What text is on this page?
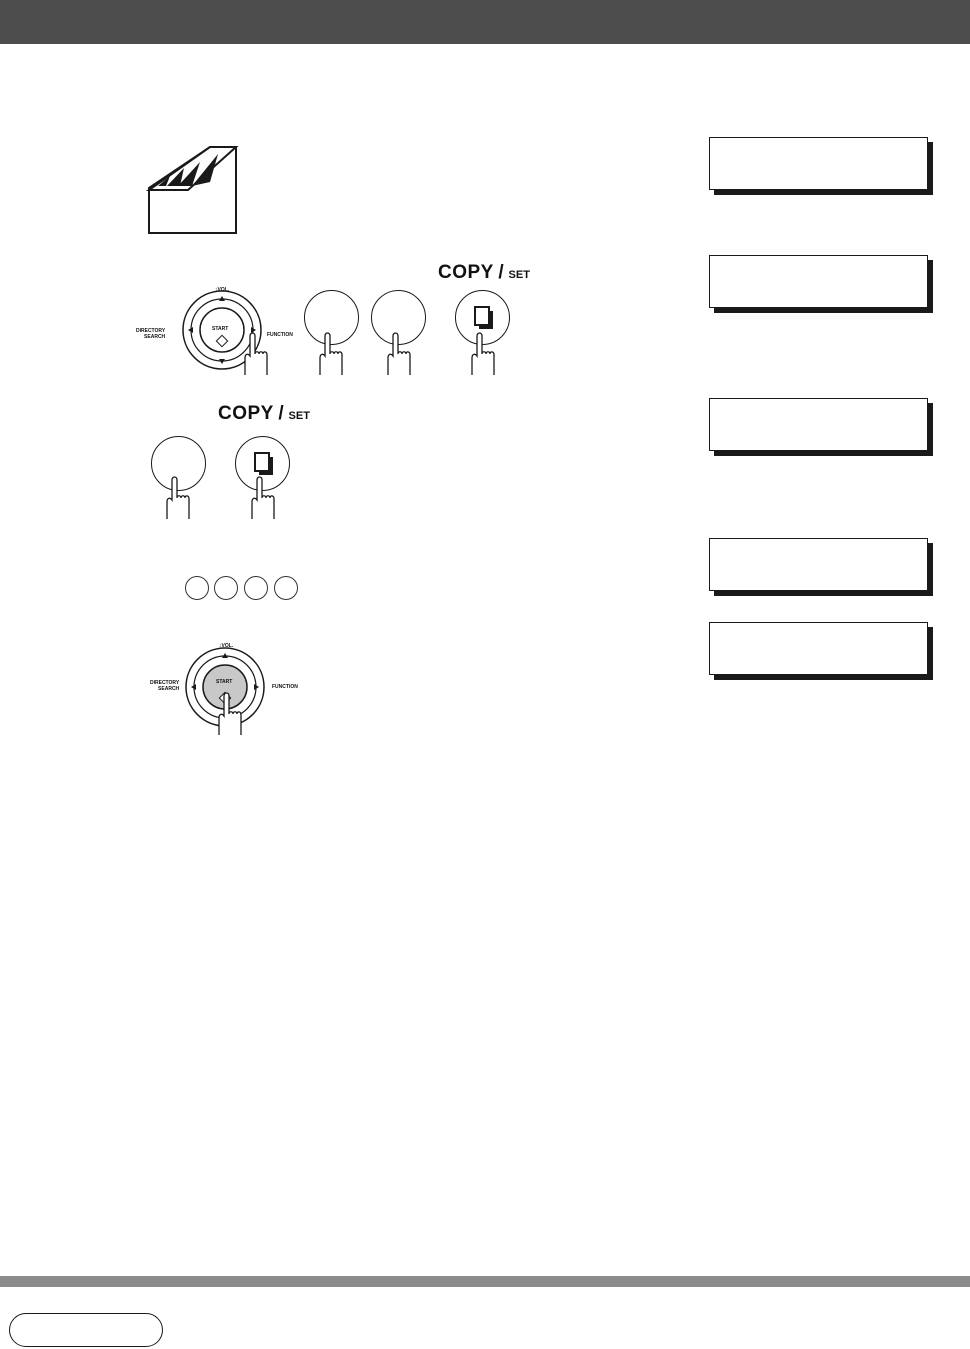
↕VOL.
DIRECTORY
SEARCH	FUNCTION
START
COPY / SET
COPY / SET
↕VOL.
DIRECTORY
SEARCH	FUNCTION
START
